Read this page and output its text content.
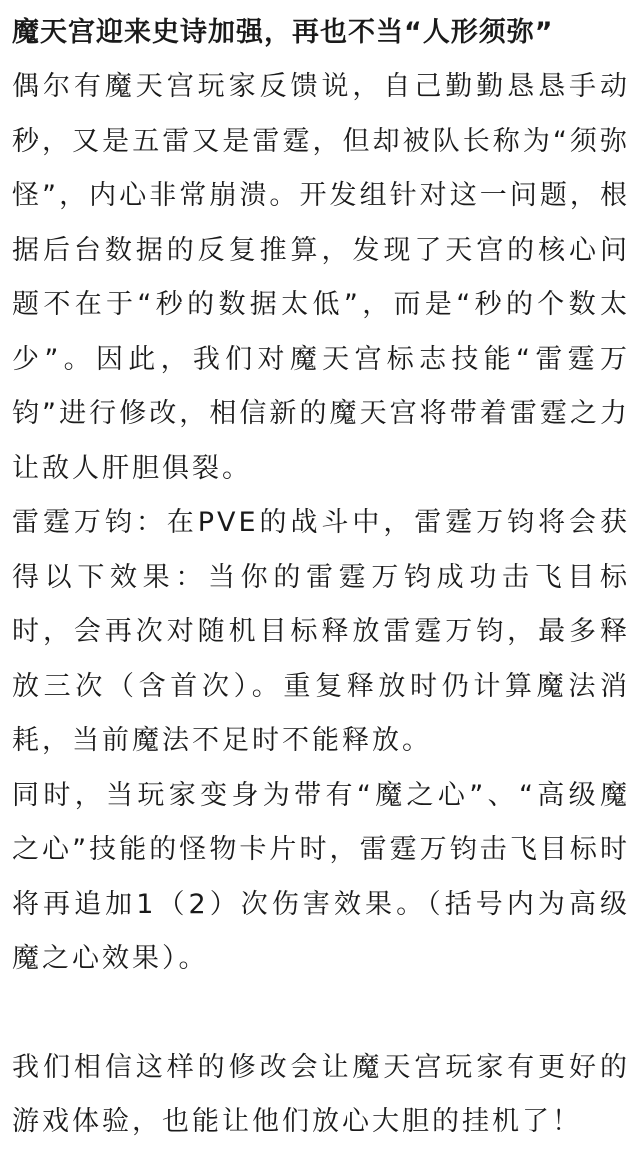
魔天宫迎来史诗加强，再也不当“人形须弥”

偶尔有魔天宫玩家反馈说，自己勤勤恳恳手动秒，又是五雷又是雷霆，但却被队长称为“须弥怪”，内心非常崩溃。开发组针对这一问题，根据后台数据的反复推算，发现了天宫的核心问题不在于“秒的数据太低”，而是“秒的个数太少”。因此，我们对魔天宫标志技能“雷霆万钧”进行修改，相信新的魔天宫将带着雷霆之力让敌人肝胆俱裂。

雷霆万钧：在PVE的战斗中，雷霆万钧将会获得以下效果：当你的雷霆万钧成功击飞目标时，会再次对随机目标释放雷霆万钧，最多释放三次（含首次）。重复释放时仍计算魔法消耗，当前魔法不足时不能释放。

同时，当玩家变身为带有“魔之心”、“高级魔之心”技能的怪物卡片时，雷霆万钧击飞目标时将再追加1（2）次伤害效果。（括号内为高级魔之心效果）。

我们相信这样的修改会让魔天宫玩家有更好的游戏体验，也能让他们放心大胆的挂机了！
